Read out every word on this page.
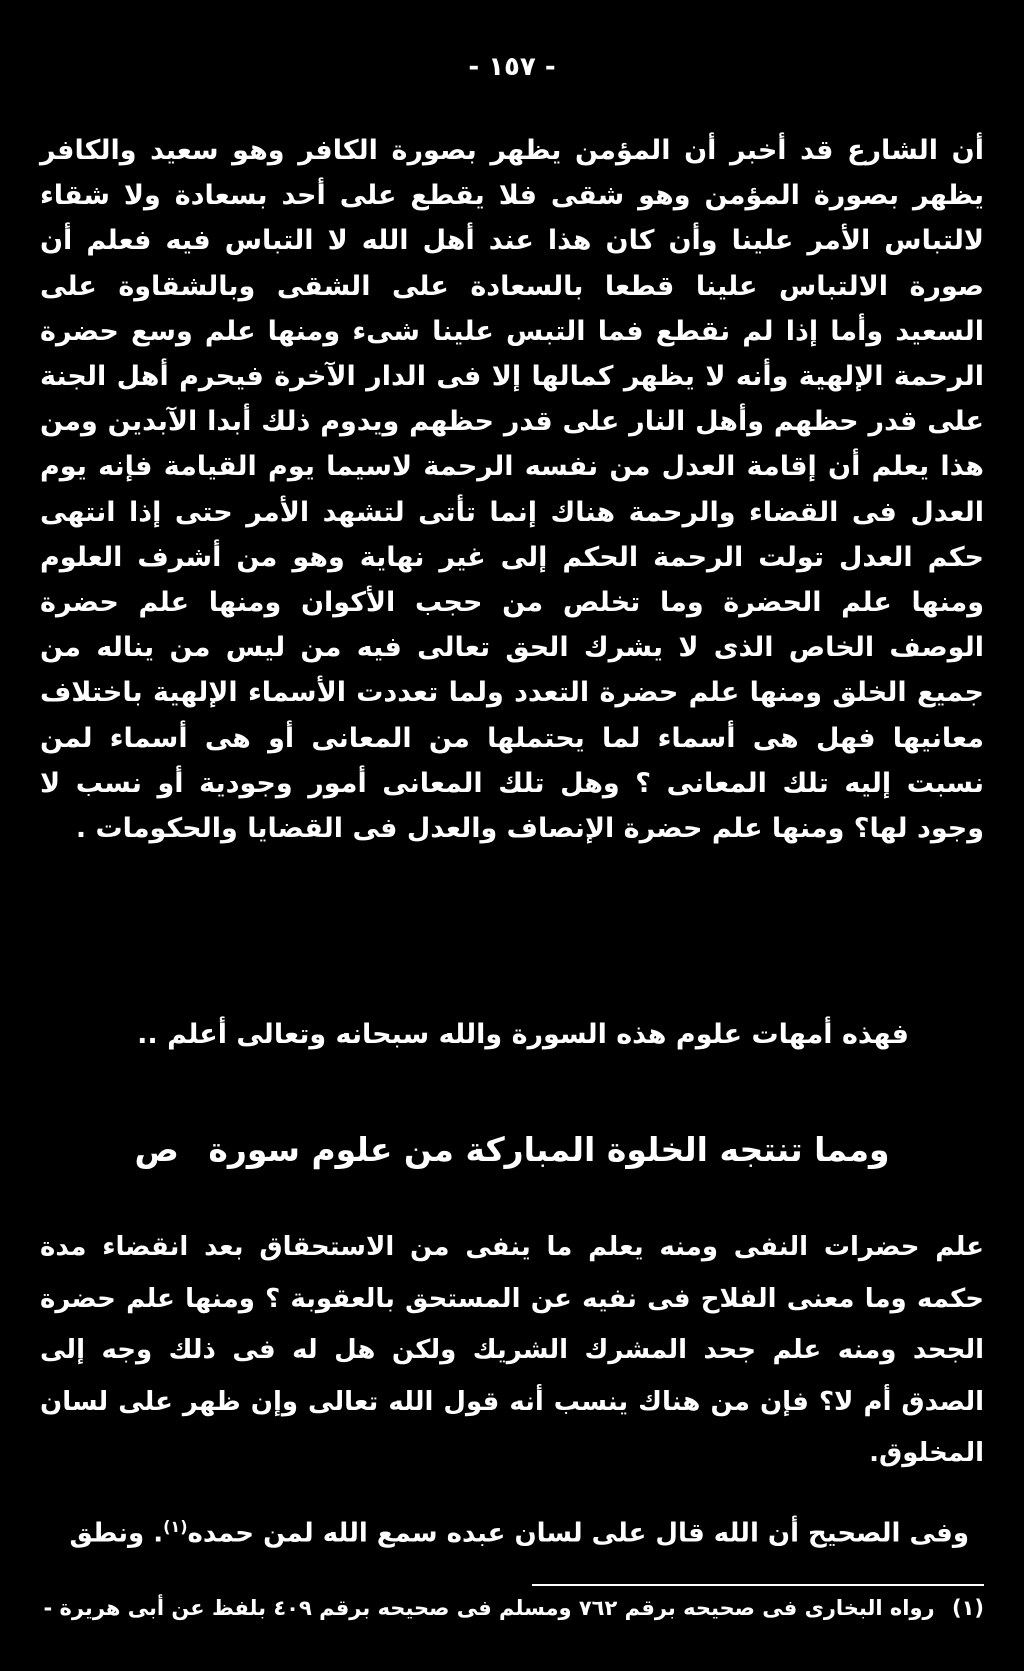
- ١٥٧ -

أن الشارع قد أخبر أن المؤمن يظهر بصورة الكافر وهو سعيد والكافر يظهر بصورة المؤمن وهو شقى فلا يقطع على أحد بسعادة ولا شقاء لالتباس الأمر علينا وأن كان هذا عند أهل الله لا التباس فيه فعلم أن صورة الالتباس علينا قطعا بالسعادة على الشقى وبالشقاوة على السعيد وأما إذا لم نقطع فما التبس علينا شىء ومنها علم وسع حضرة الرحمة الإلهية وأنه لا يظهر كمالها إلا فى الدار الآخرة فيحرم أهل الجنة على قدر حظهم وأهل النار على قدر حظهم ويدوم ذلك أبدا الآبدين ومن هذا يعلم أن إقامة العدل من نفسه الرحمة لاسيما يوم القيامة فإنه يوم العدل فى القضاء والرحمة هناك إنما تأتى لتشهد الأمر حتى إذا انتهى حكم العدل تولت الرحمة الحكم إلى غير نهاية وهو من أشرف العلوم ومنها علم الحضرة وما تخلص من حجب الأكوان ومنها علم حضرة الوصف الخاص الذى لا يشرك الحق تعالى فيه من ليس من يناله من جميع الخلق ومنها علم حضرة التعدد ولما تعددت الأسماء الإلهية باختلاف معانيها فهل هى أسماء لما يحتملها من المعانى أو هى أسماء لمن نسبت إليه تلك المعانى ؟ وهل تلك المعانى أمور وجودية أو نسب لا وجود لها؟ ومنها علم حضرة الإنصاف والعدل فى القضايا والحكومات .

فهذه أمهات علوم هذه السورة والله سبحانه وتعالى أعلم ..

ومما تنتجه الخلوة المباركة من علوم سورة ص

علم حضرات النفى ومنه يعلم ما ينفى من الاستحقاق بعد انقضاء مدة حكمه وما معنى الفلاح فى نفيه عن المستحق بالعقوبة ؟ ومنها علم حضرة الجحد ومنه علم جحد المشرك الشريك ولكن هل له فى ذلك وجه إلى الصدق أم لا؟ فإن من هناك ينسب أنه قول الله تعالى وإن ظهر على لسان المخلوق.

وفى الصحيح أن الله قال على لسان عبده سمع الله لمن حمده$^{(١)}$. ونطق

(١) رواه البخارى فى صحيحه برقم ٧٦٢ ومسلم فى صحيحه برقم ٤٠٩ بلفظ عن أبى هريرة -
